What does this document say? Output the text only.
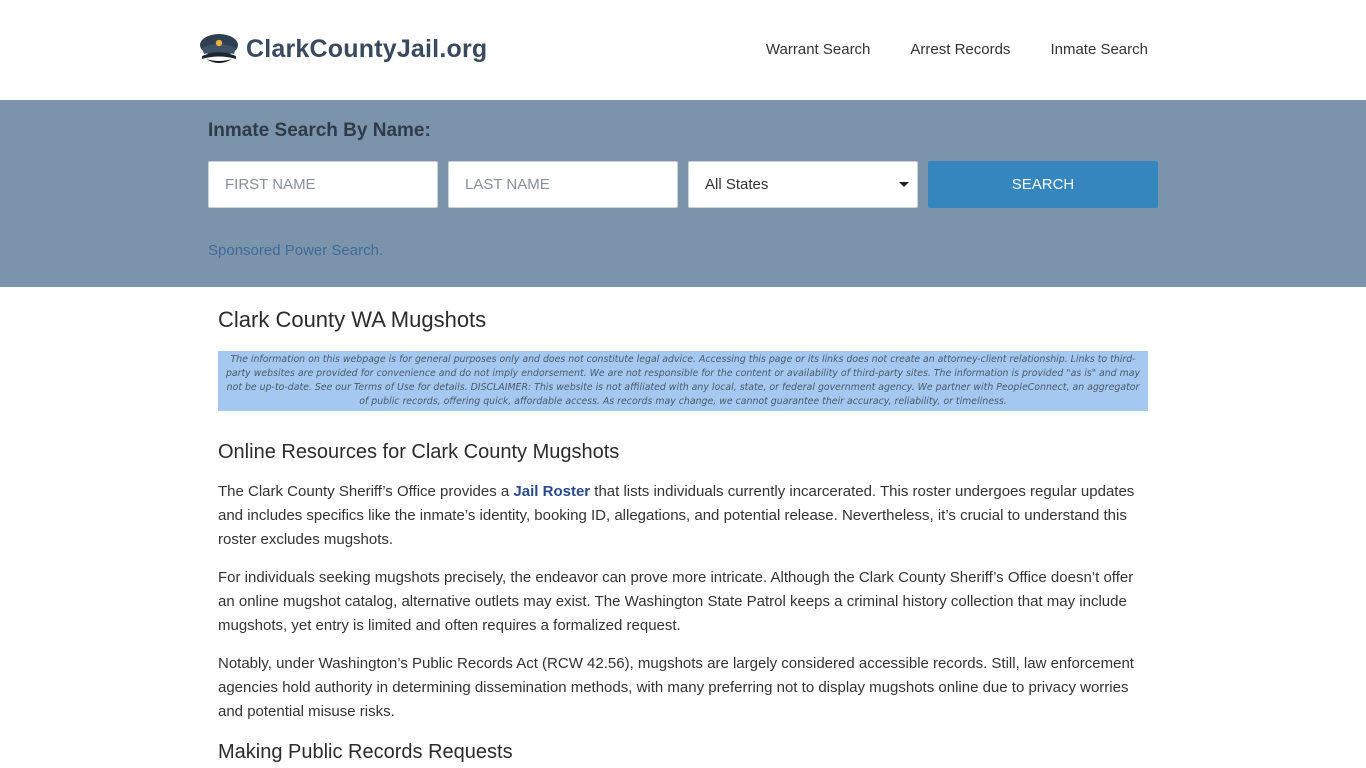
ClarkCountyJail.org	Warrant Search	Arrest Records	Inmate Search
Inmate Search By Name:
FIRST NAME
LAST NAME
All States	SEARCH
Sponsored Power Search.
Clark County WA Mugshots
The information on this webpage is for general purposes only and does not constitute legal advice. Accessing this page or its links does not create an attorney-client relationship. Links to third-party websites are provided for convenience and do not imply endorsement. We are not responsible for the content or availability of third-party sites. The information is provided "as is" and may not be up-to-date. See our Terms of Use for details. DISCLAIMER: This website is not affiliated with any local, state, or federal government agency. We partner with PeopleConnect, an aggregator of public records, offering quick, affordable access. As records may change, we cannot guarantee their accuracy, reliability, or timeliness.
Online Resources for Clark County Mugshots

The Clark County Sheriff’s Office provides a Jail Roster that lists individuals currently incarcerated. This roster undergoes regular updates and includes specifics like the inmate’s identity, booking ID, allegations, and potential release. Nevertheless, it’s crucial to understand this roster excludes mugshots.

For individuals seeking mugshots precisely, the endeavor can prove more intricate. Although the Clark County Sheriff’s Office doesn’t offer an online mugshot catalog, alternative outlets may exist. The Washington State Patrol keeps a criminal history collection that may include mugshots, yet entry is limited and often requires a formalized request.

Notably, under Washington’s Public Records Act (RCW 42.56), mugshots are largely considered accessible records. Still, law enforcement agencies hold authority in determining dissemination methods, with many preferring not to display mugshots online due to privacy worries and potential misuse risks.

Making Public Records Requests
